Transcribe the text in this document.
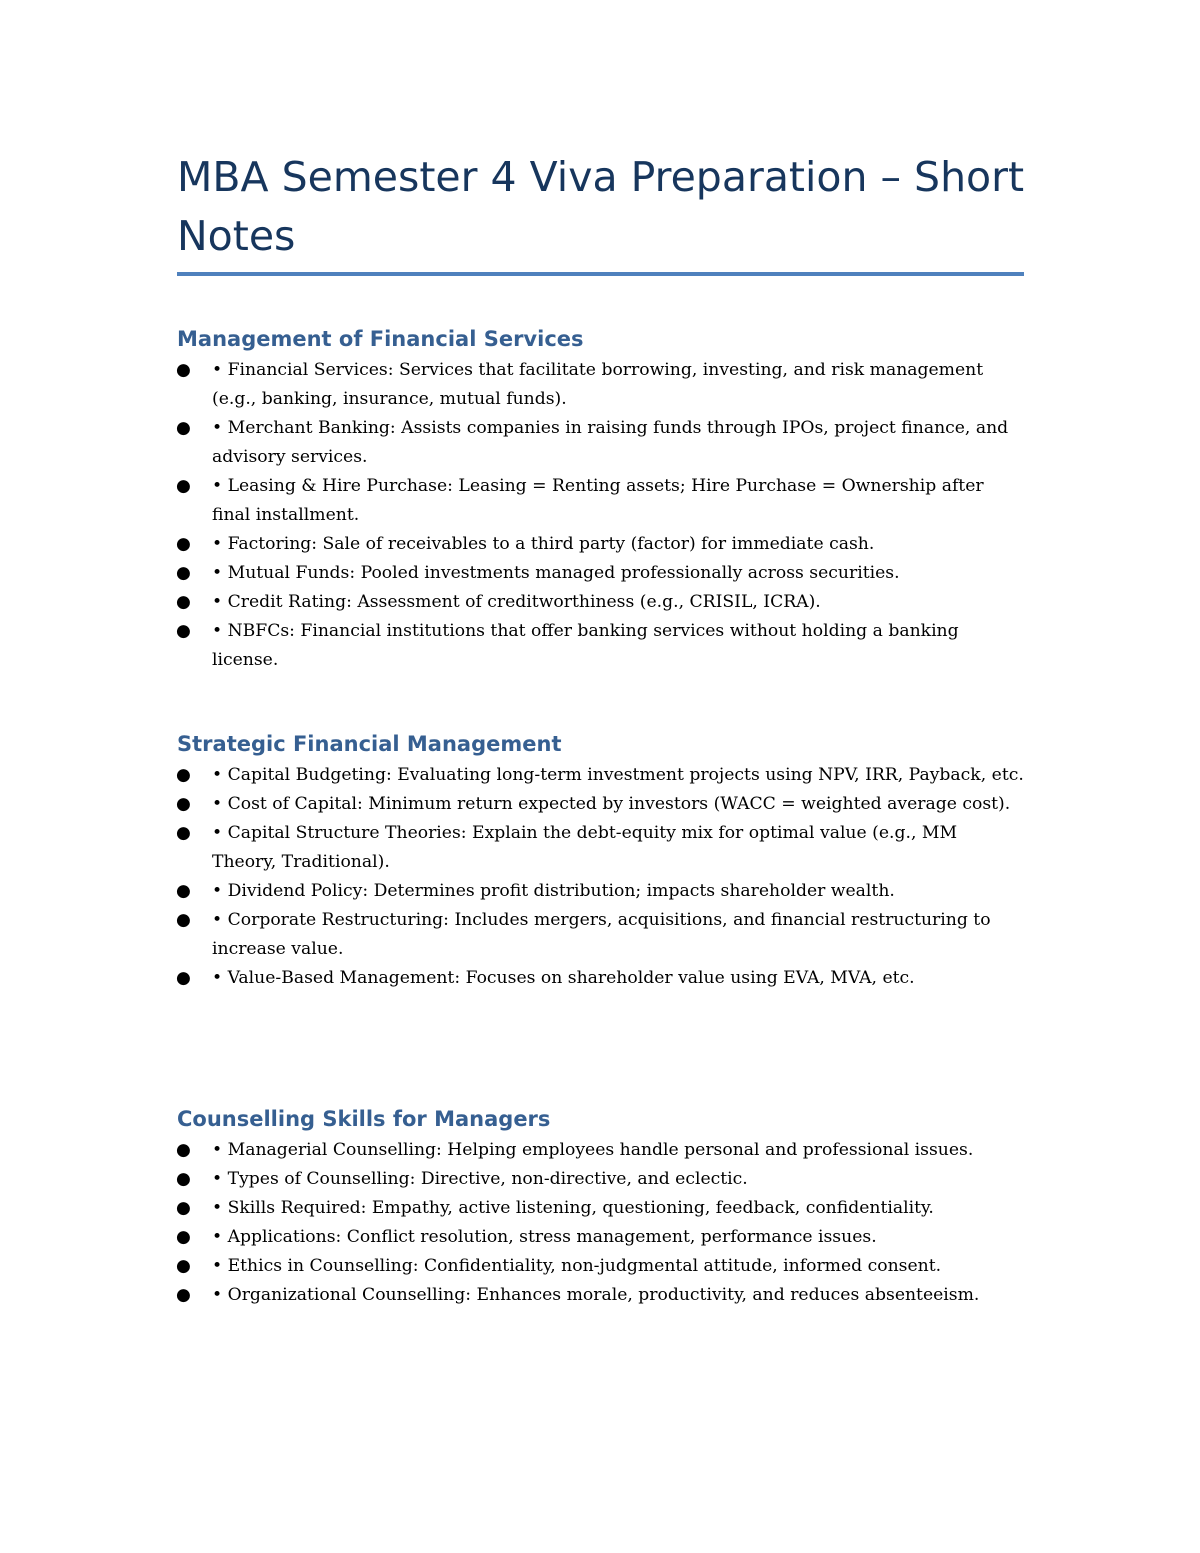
MBA Semester 4 Viva Preparation – Short Notes
Management of Financial Services
● • Financial Services: Services that facilitate borrowing, investing, and risk management (e.g., banking, insurance, mutual funds).
● • Merchant Banking: Assists companies in raising funds through IPOs, project finance, and advisory services.
● • Leasing & Hire Purchase: Leasing = Renting assets; Hire Purchase = Ownership after final installment.
● • Factoring: Sale of receivables to a third party (factor) for immediate cash.
● • Mutual Funds: Pooled investments managed professionally across securities.
● • Credit Rating: Assessment of creditworthiness (e.g., CRISIL, ICRA).
● • NBFCs: Financial institutions that offer banking services without holding a banking license.
Strategic Financial Management
● • Capital Budgeting: Evaluating long-term investment projects using NPV, IRR, Payback, etc.
● • Cost of Capital: Minimum return expected by investors (WACC = weighted average cost).
● • Capital Structure Theories: Explain the debt-equity mix for optimal value (e.g., MM Theory, Traditional).
● • Dividend Policy: Determines profit distribution; impacts shareholder wealth.
● • Corporate Restructuring: Includes mergers, acquisitions, and financial restructuring to increase value.
● • Value-Based Management: Focuses on shareholder value using EVA, MVA, etc.
Counselling Skills for Managers
● • Managerial Counselling: Helping employees handle personal and professional issues.
● • Types of Counselling: Directive, non-directive, and eclectic.
● • Skills Required: Empathy, active listening, questioning, feedback, confidentiality.
● • Applications: Conflict resolution, stress management, performance issues.
● • Ethics in Counselling: Confidentiality, non-judgmental attitude, informed consent.
● • Organizational Counselling: Enhances morale, productivity, and reduces absenteeism.
